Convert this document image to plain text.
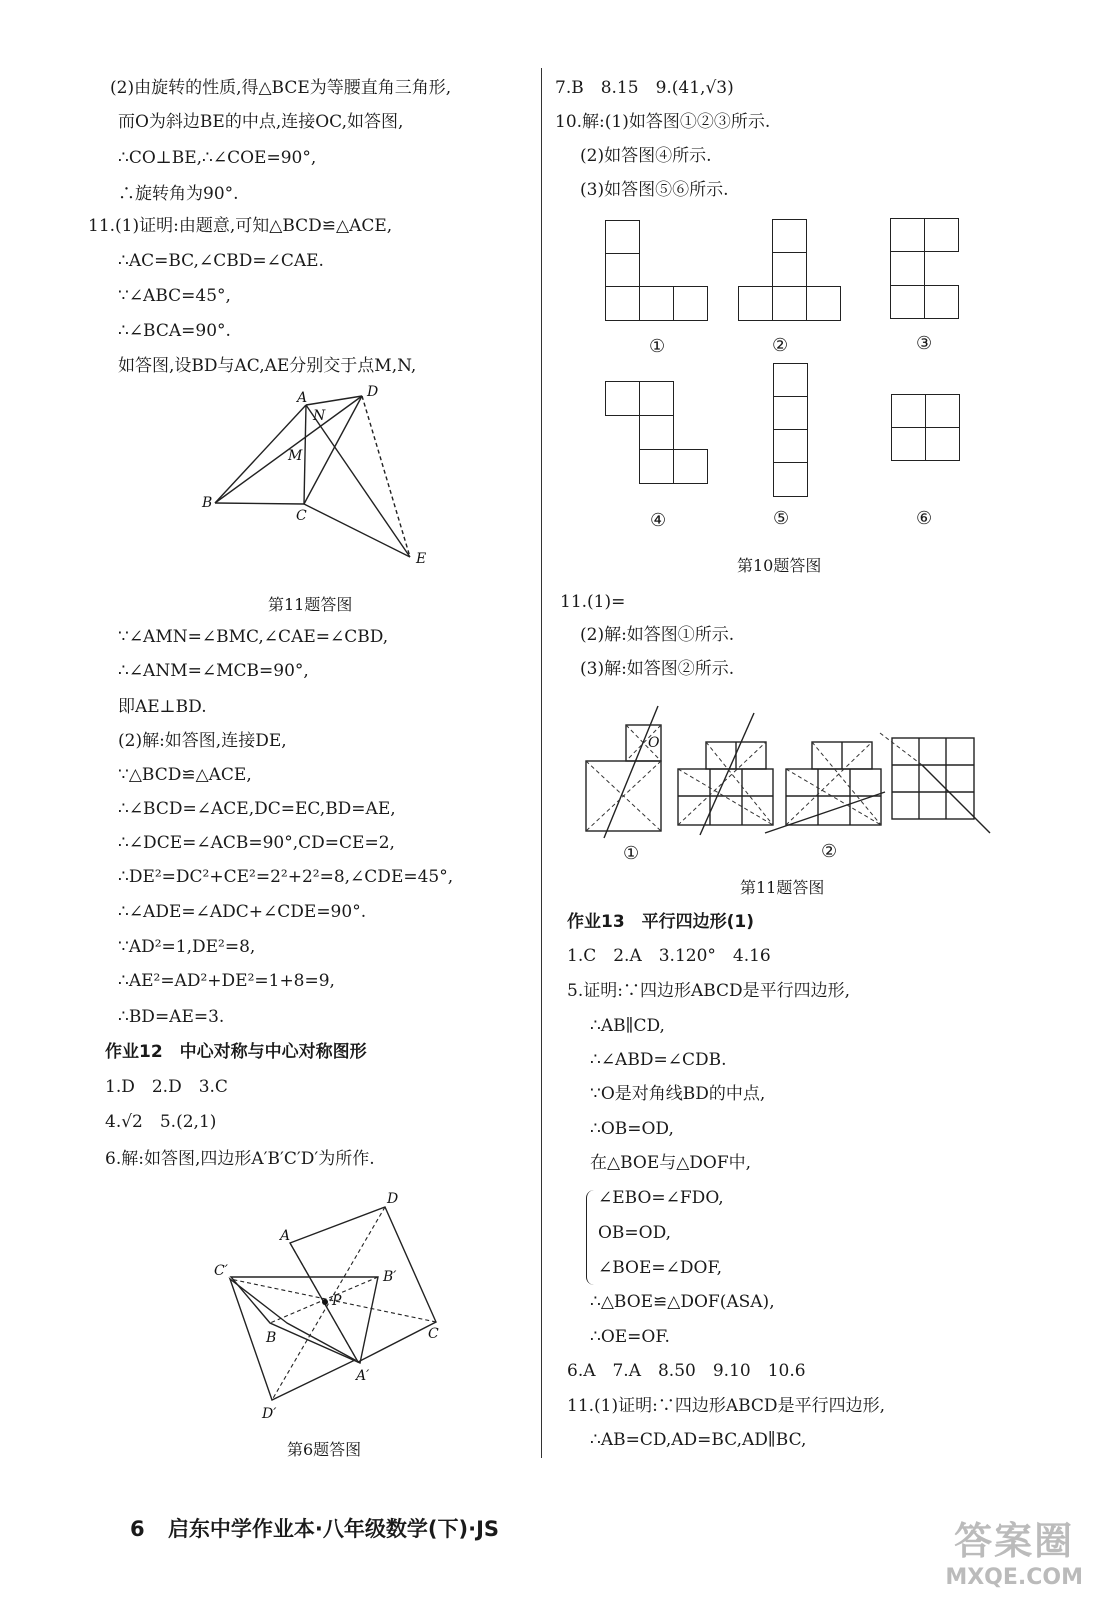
(2)由旋转的性质,得△BCE为等腰直角三角形,
而O为斜边BE的中点,连接OC,如答图,
∴CO⊥BE,∴∠COE=90°,
∴旋转角为90°.
11.(1)证明:由题意,可知△BCD≌△ACE,
∴AC=BC,∠CBD=∠CAE.
∵∠ABC=45°,
∴∠BCA=90°.
如答图,设BD与AC,AE分别交于点M,N,
A
N
D
M
B
C
E
第11题答图
∵∠AMN=∠BMC,∠CAE=∠CBD,
∴∠ANM=∠MCB=90°,
即AE⊥BD.
(2)解:如答图,连接DE,
∵△BCD≌△ACE,
∴∠BCD=∠ACE,DC=EC,BD=AE,
∴∠DCE=∠ACB=90°,CD=CE=2,
∴DE²=DC²+CE²=2²+2²=8,∠CDE=45°,
∴∠ADE=∠ADC+∠CDE=90°.
∵AD²=1,DE²=8,
∴AE²=AD²+DE²=1+8=9,
∴BD=AE=3.
作业12　中心对称与中心对称图形
1.D　2.D　3.C
4.√2　5.(2,1)
6.解:如答图,四边形A′B′C′D′为所作.
D
A
C′	B′
P
B	C
A′
D′
第6题答图
7.B　8.15　9.(41,√3)
10.解:(1)如答图①②③所示.
(2)如答图④所示.
(3)如答图⑤⑥所示.
①	②	③
④	⑤	⑥
第10题答图
11.(1)=
(2)解:如答图①所示.
(3)解:如答图②所示.
O
①	②
第11题答图
作业13　平行四边形(1)
1.C　2.A　3.120°　4.16
5.证明:∵四边形ABCD是平行四边形,
∴AB∥CD,
∴∠ABD=∠CDB.
∵O是对角线BD的中点,
∴OB=OD,
在△BOE与△DOF中,
∠EBO=∠FDO,
OB=OD,
∠BOE=∠DOF,
∴△BOE≌△DOF(ASA),
∴OE=OF.
6.A　7.A　8.50　9.10　10.6
11.(1)证明:∵四边形ABCD是平行四边形,
∴AB=CD,AD=BC,AD∥BC,
6 启东中学作业本·八年级数学(下)·JS	答案圈
MXQE.COM
